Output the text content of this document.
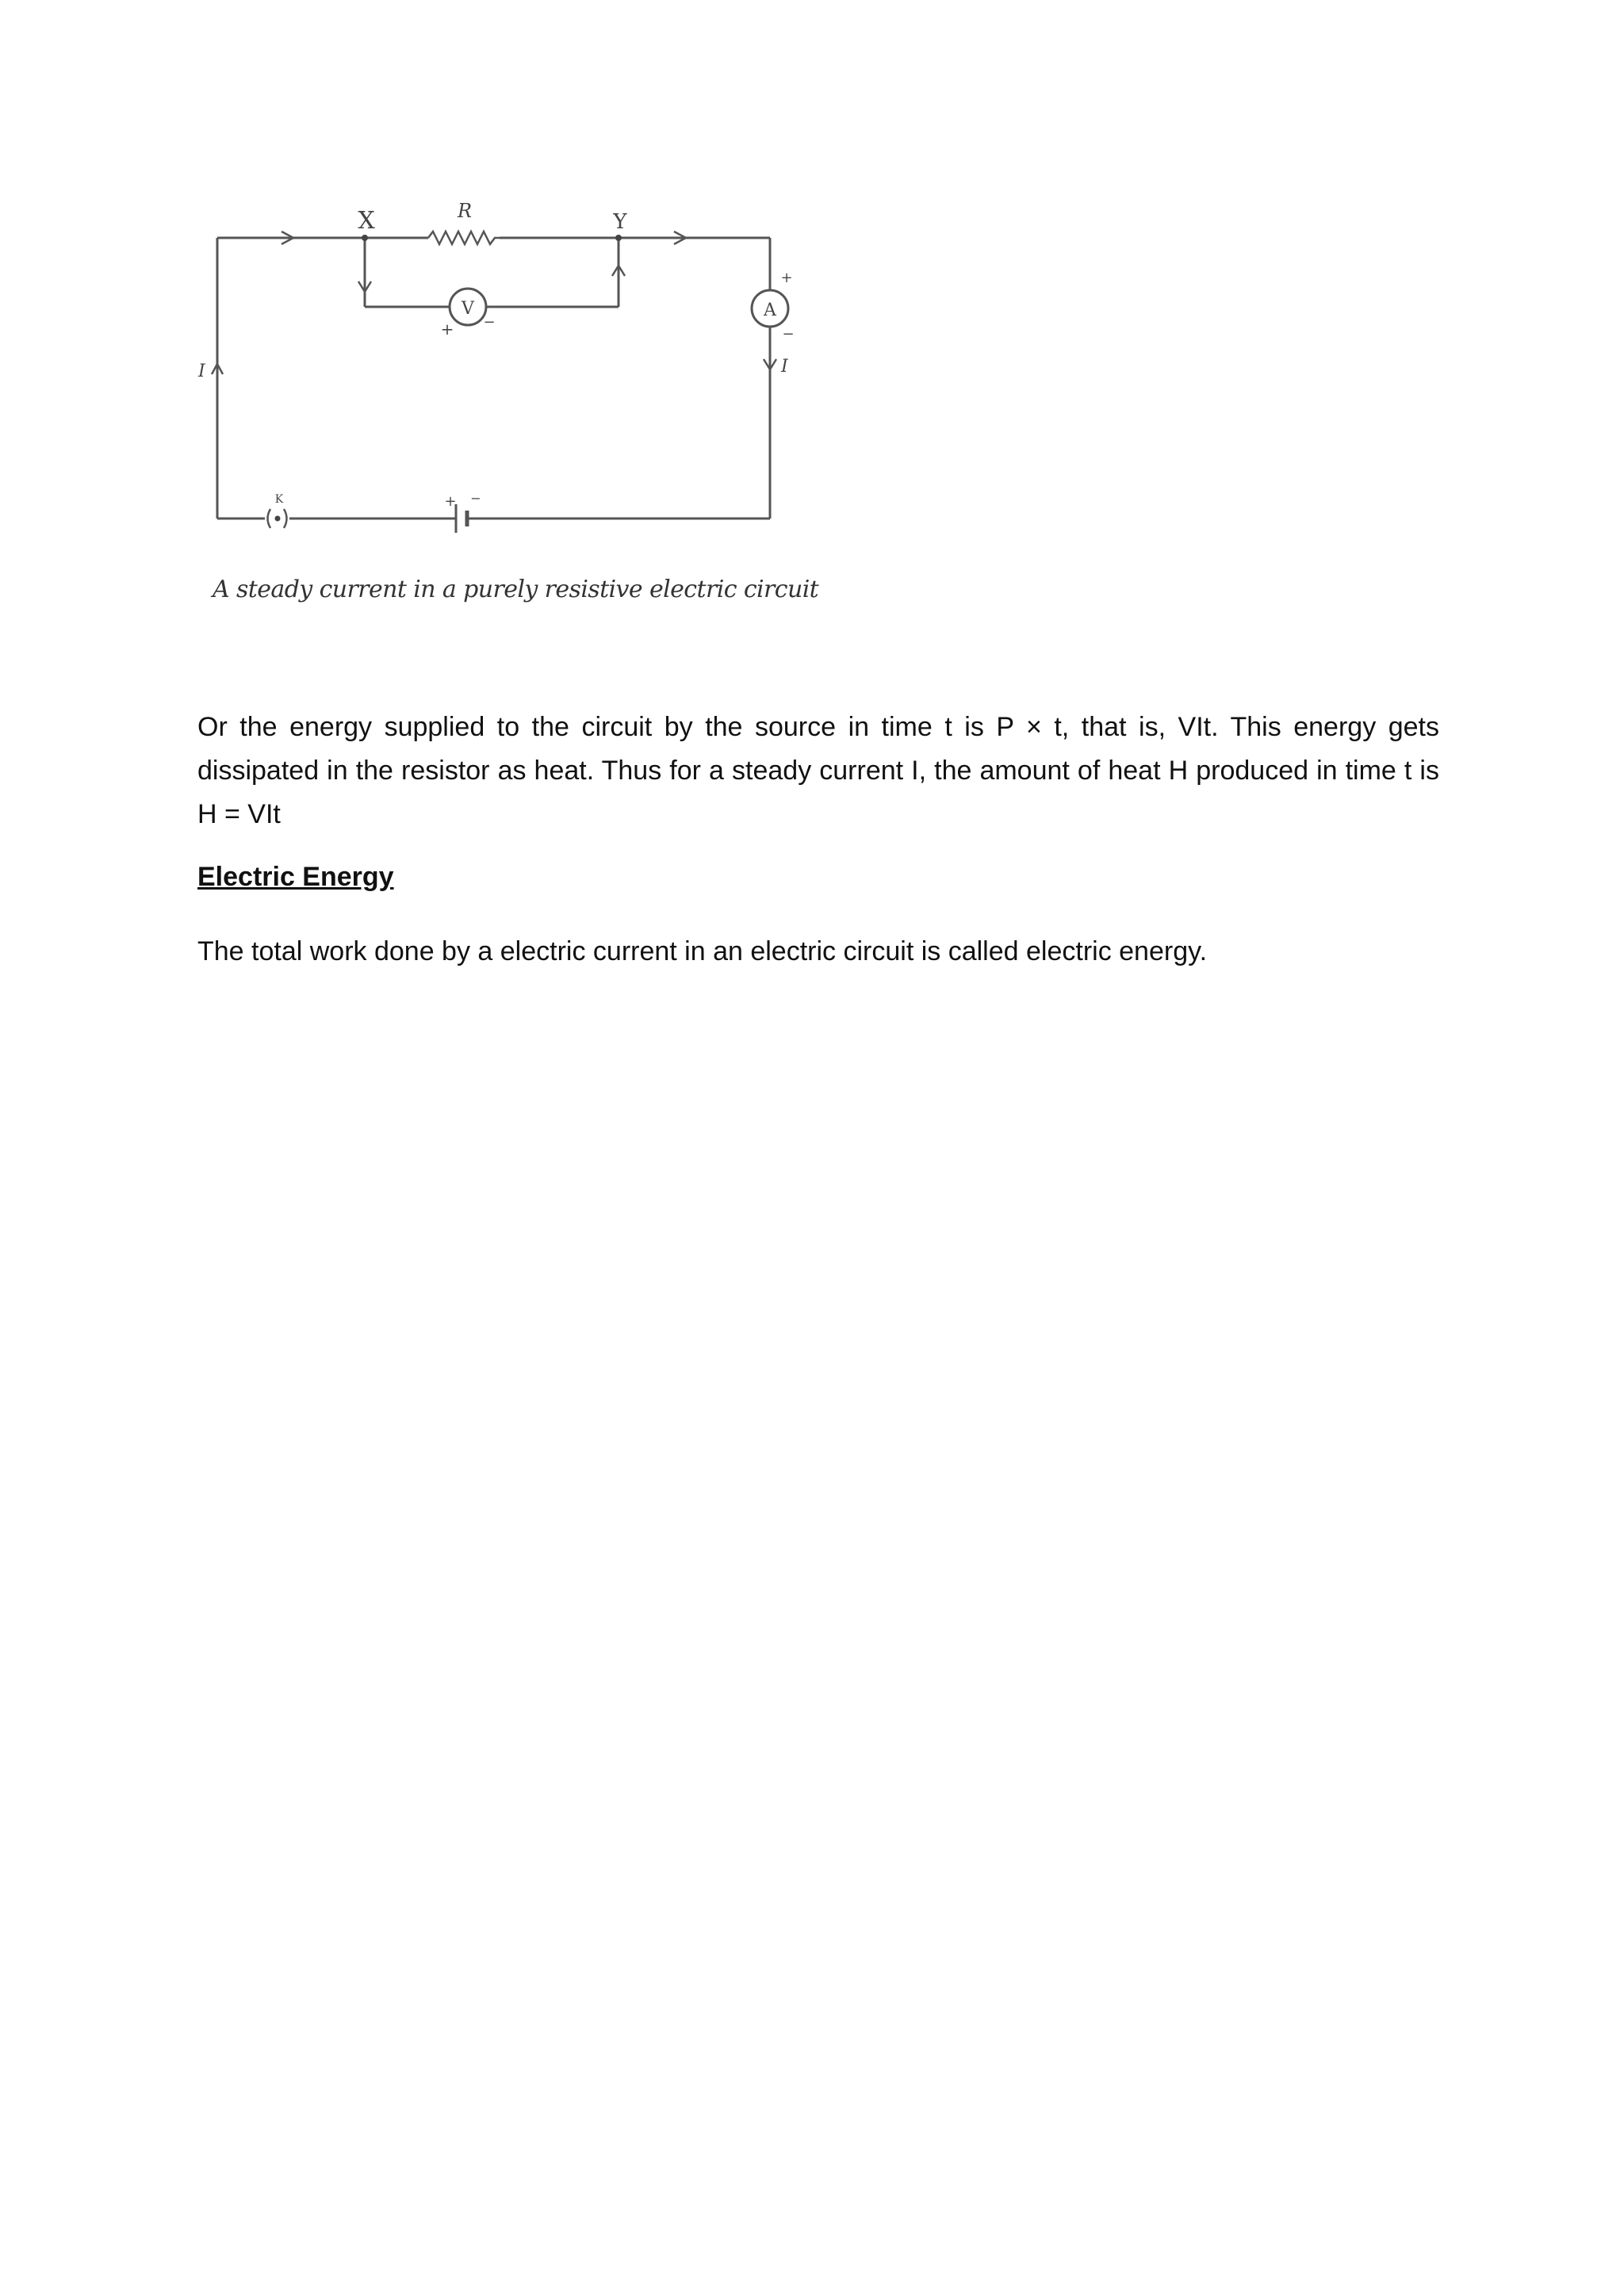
X	R	Y
V	A
+ −
+
−
I
I
K	+ −
A steady current in a purely resistive electric circuit

Or the energy supplied to the circuit by the source in time t is P × t, that is, VIt. This energy gets dissipated in the resistor as heat. Thus for a steady current I, the amount of heat H produced in time t is H = VIt

Electric Energy

The total work done by a electric current in an electric circuit is called electric energy.
